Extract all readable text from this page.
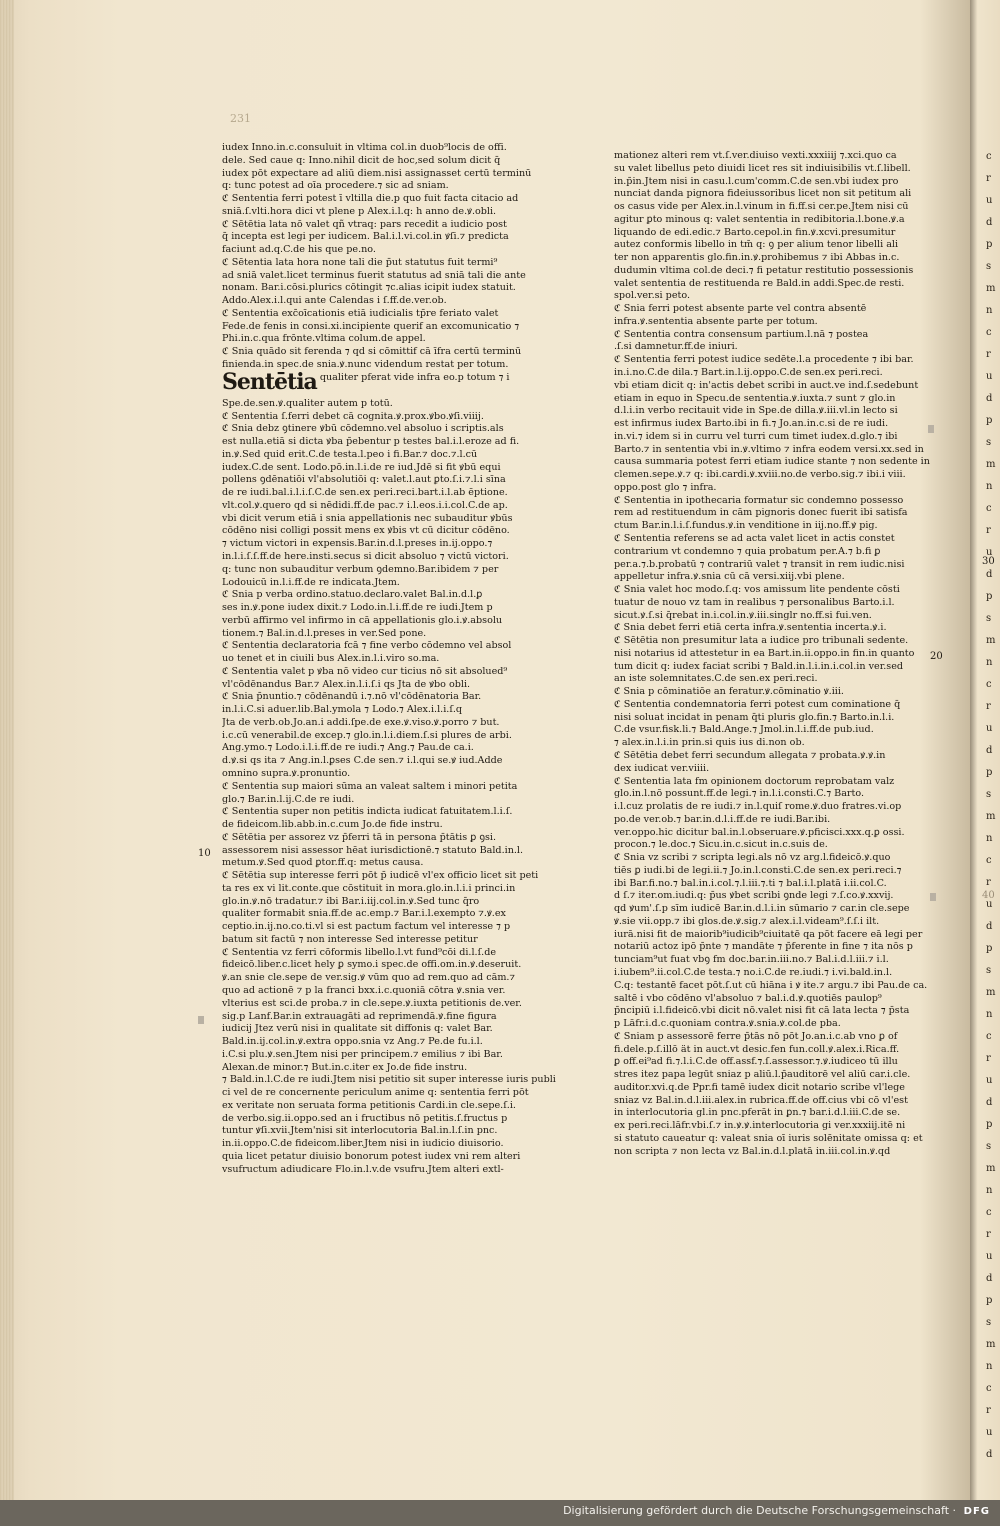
c
r
u
d
p
s
m
n
c
r
u
d
p
s
m
n
c
r
u
d
p
s
m
n
c
r
u
d
p
s
m
n
c
r
u
d
p
s
m
n
c
r
u
d
p
s
m
n
c
r
u
d
p
s
m
n
c
r
u
d
231
iudex Inno.in.c.consuluit in vltima col.in duob⁹locis de offi.
dele. Sed caue q: Inno.nihil dicit de hoc,sed solum dicit q̄
iudex pōt expectare ad aliū diem.nisi assignasset certū terminū
q: tunc potest ad oīa procedere.⁊ sic ad sniam.
ℭ Sententia ferri potest ī vltilla die.p quo fuit facta citacio ad
sniā.ſ.vlti.hora dici vt plene p Alex.i.l.q: h anno de.ꝟ.obli.
ℭ Sētētia lata nō valet qñ vtraq: pars recedit a iudicio post
q̄ incepta est legi per iudicem. Bal.i.l.vi.col.in ꝟſi.⁊ predicta
faciunt ad.q.C.de his que pe.no.
ℭ Sētentia lata hora none tali die p̄ut statutus fuit termi⁹
ad sniā valet.licet terminus fuerit statutus ad sniā tali die ante
nonam. Bar.i.cōsi.plurics cōtingit ⁊c.alias icipit iudex statuit.
Addo.Alex.i.l.qui ante Calendas i ſ.ff.de.ver.ob.
ℭ Sententia exc̄oīcationis etiā iudicialis tp̄re feriato valet
Fede.de fenis in consi.xi.incipiente querif an excomunicatio ⁊
Phi.in.c.qua frōnte.vltima colum.de appel.
ℭ Snia quādo sit ferenda ⁊ qd si cōmittif cā īfra certū terminū
finienda.in spec.de snia.ꝟ.nunc videndum restat per totum.
Sentētia qualiter pferat vide infra eo.p totum ⁊ i
Spe.de.sen.ꝟ.qualiter autem p totū.
ℭ Sententia ſ.ferri debet cā cognita.ꝟ.prox.ꝟbo.ꝟſi.viiij.
ℭ Snia debz ꝯtinere ꝟbū cōdemno.vel absoluo i scriptis.als
est nulla.etiā si dicta ꝟba p̄ebentur p testes bal.i.l.eroze ad fi.
in.ꝟ.Sed quid erit.C.de testa.l.peo i fi.Bar.⁊ doc.⁊.l.cū
iudex.C.de sent. Lodo.pō.in.l.i.de re iud.Jdē si fit ꝟbū equi
pollens ꝯdēnatiōi vl'absolutiōi q: valet.l.aut ꝑto.ſ.i.⁊.l.i sīna
de re iudi.bal.i.l.i.ſ.C.de sen.ex peri.reci.bart.i.l.ab ēptione.
vlt.col.ꝟ.quero qd si nēdidi.ff.de pac.⁊ i.l.eos.i.i.col.C.de ap.
vbi dicit verum etiā i snia appellationis nec subauditur ꝟbūs
cōdēno nisi colligi possit mens ex ꝟbis vt cū dicitur cōdēno.
⁊ victum victori in expensis.Bar.in.d.l.preses in.ij.oppo.⁊
in.l.i.ſ.ſ.ff.de here.insti.secus si dicit absoluo ⁊ victū victori.
q: tunc non subauditur verbum ꝯdemno.Bar.ibidem ⁊ per
Lodouicū in.l.i.ff.de re indicata.Jtem.
ℭ Snia p verba ordino.statuo.declaro.valet Bal.in.d.l.ꝑ
ses in.ꝟ.pone iudex dixit.⁊ Lodo.in.l.i.ff.de re iudi.Jtem p
verbū affirmo vel infirmo in cā appellationis glo.i.ꝟ.absolu
tionem.⁊ Bal.in.d.l.preses in ver.Sed pone.
ℭ Sententia declaratoria fcā ⁊ fine verbo cōdemno vel absol
uo tenet et in ciuili bus Alex.in.l.i.viro so.ma.
ℭ Sententia valet p ꝟba nō video cur ticius nō sit absolued⁹
vl'cōdēnandus Bar.⁊ Alex.in.l.i.ſ.i qs Jta de ꝟbo obli.
ℭ Snia p̄nuntio.⁊ cōdēnandū i.⁊.nō vl'cōdēnatoria Bar.
in.l.i.C.si aduer.lib.Bal.ymola ⁊ Lodo.⁊ Alex.i.l.i.ſ.q
Jta de verb.ob.Jo.an.i addi.ſpe.de exe.ꝟ.viso.ꝟ.porro ⁊ but.
i.c.cū venerabil.de excep.⁊ glo.in.l.i.diem.ſ.si plures de arbi.
Ang.ymo.⁊ Lodo.i.l.i.ff.de re iudi.⁊ Ang.⁊ Pau.de ca.i.
d.ꝟ.si qs ita ⁊ Ang.in.l.ꝑses C.de sen.⁊ i.l.qui se.ꝟ iud.Adde
omnino supra.ꝟ.pronuntio.
ℭ Sententia sup maiori sūma an valeat saltem i minori petita
glo.⁊ Bar.in.l.ij.C.de re iudi.
ℭ Sententia super non petitis indicta iudicat fatuitatem.l.i.ſ.
de fideicom.lib.abb.in.c.cum Jo.de fide instru.
ℭ Sētētia per assorez vz p̄ferri tā in persona p̄tātis ꝑ ꝯsi.
assessorem nisi assessor hēat iurisdictionē.⁊ statuto Bald.in.l.
metum.ꝟ.Sed quod ꝑtor.ff.q: metus causa.
ℭ Sētētia sup interesse ferri pōt p̄ iudicē vl'ex officio licet sit peti
ta res ex vi lit.conte.que cōstituit in mora.glo.in.l.i.i princi.in
glo.in.ꝟ.nō tradatur.⁊ ibi Bar.i.iij.col.in.ꝟ.Sed tunc q̄ro
qualiter formabit snia.ff.de ac.emp.⁊ Bar.i.l.exempto ⁊.ꝟ.ex
ceptio.in.ij.no.co.ti.vl si est pactum factum vel interesse ⁊ p
batum sit factū ⁊ non interesse Sed interesse petitur
ℭ Sententia vz ferri cōformis libello.l.vt fund⁹cōi di.l.ſ.de
fideicō.liber.c.licet hely ꝑ symo.i spec.de offi.om.in.ꝟ.deseruit.
ꝟ.an snie cle.sepe de ver.sig.ꝟ vūm quo ad rem.quo ad cām.⁊
quo ad actionē ⁊ p la franci bxx.i.c.quoniā cōtra ꝟ.snia ver.
vlterius est sci.de proba.⁊ in cle.sepe.ꝟ.iuxta petitionis de.ver.
sig.p Lanf.Bar.in extrauagāti ad reprimendā.ꝟ.fine figura
iudicij Jtez verū nisi in qualitate sit diffonis q: valet Bar.
Bald.in.ij.col.in.ꝟ.extra oppo.snia vz Ang.⁊ Pe.de fu.i.l.
i.C.si plu.ꝟ.sen.Jtem nisi per principem.⁊ emilius ⁊ ibi Bar.
Alexan.de minor.⁊ But.in.c.iter ex Jo.de fide instru.
⁊ Bald.in.l.C.de re iudi.Jtem nisi petitio sit super interesse iuris publi
ci vel de re concernente periculum anime q: sententia ferri pōt
ex veritate non seruata forma petitionis Cardi.in cle.sepe.ſ.i.
de verbo.sig.ii.oppo.sed an i fructibus nō petitis.ſ.fructus p
tuntur ꝟſi.xvii.Jtem'nisi sit interlocutoria Bal.in.l.ſ.in pnc.
in.ii.oppo.C.de fideicom.liber.Jtem nisi in iudicio diuisorio.
quia licet petatur diuisio bonorum potest iudex vni rem alteri
vsufructum adiudicare Flo.in.l.v.de vsufru.Jtem alteri extl-
mationez alteri rem vt.ſ.ver.diuiso vexti.xxxiiij ⁊.xci.quo ca
su valet libellus peto diuidi licet res sit indiuisibilis vt.ſ.libell.
in.p̄in.Jtem nisi in casu.l.cum'comm.C.de sen.vbi iudex pro
nunciat danda pignora fideiussoribus licet non sit petitum ali
os casus vide per Alex.in.l.vinum in fi.ff.si cer.pe.Jtem nisi cū
agitur ꝑto minous q: valet sententia in redibitoria.l.bone.ꝟ.a
liquando de edi.edic.⁊ Barto.cepol.in fin.ꝟ.xcvi.presumitur
autez conformis libello in tm̄ q: ꝯ per alium tenor libelli ali
ter non apparentis glo.fin.in.ꝟ.prohibemus ⁊ ibi Abbas in.c.
dudumin vltima col.de deci.⁊ fi petatur restitutio possessionis
valet sententia de restituenda re Bald.in addi.Spec.de resti.
spol.ver.si peto.
ℭ Snia ferri potest absente parte vel contra absentē
infra.ꝟ.sententia absente parte per totum.
ℭ Sententia contra consensum partium.l.nā ⁊ postea
.ſ.si damnetur.ff.de iniuri.
ℭ Sententia ferri potest iudice sedēte.l.a procedente ⁊ ibi bar.
in.i.no.C.de dila.⁊ Bart.in.l.ij.oppo.C.de sen.ex peri.reci.
vbi etiam dicit q: in'actis debet scribi in auct.ve ind.ſ.sedebunt
etiam in equo in Specu.de sententia.ꝟ.iuxta.⁊ sunt ⁊ glo.in
d.l.i.in verbo recitauit vide in Spe.de dilla.ꝟ.iii.vl.in lecto si
est infirmus iudex Barto.ibi in fi.⁊ Jo.an.in.c.si de re iudi.
in.vi.⁊ idem si in curru vel turri cum timet iudex.d.glo.⁊ ibi
Barto.⁊ in sententia vbi in.ꝟ.vltimo ⁊ infra eodem versi.xx.sed in
causa summaria potest ferri etiam iudice stante ⁊ non sedente in
clemen.sepe.ꝟ.⁊ q: ibi.cardi.ꝟ.xviii.no.de verbo.sig.⁊ ibi.i viii.
oppo.post glo ⁊ infra.
ℭ Sententia in ipothecaria formatur sic condemno possesso
rem ad restituendum in cām pignoris donec fuerit ibi satisfa
ctum Bar.in.l.i.ſ.fundus.ꝟ.in venditione in iij.no.ff.ꝟ pig.
ℭ Sententia referens se ad acta valet licet in actis constet
contrarium vt condemno ⁊ quia probatum per.A.⁊ b.fi ꝑ
per.a.⁊.b.probatū ⁊ contrariū valet ⁊ transit in rem iudic.nisi
appelletur infra.ꝟ.snia cū cā versi.xiij.vbi plene.
ℭ Snia valet hoc modo.ſ.q: vos amissum lite pendente cōsti
tuatur de nouo vz tam in realibus ⁊ personalibus Barto.i.l.
sicut.ꝟ.ſ.si q̄rebat in.i.col.in.ꝟ.iii.singlr no.ff.si fui.ven.
ℭ Snia debet ferri etiā certa infra.ꝟ.sententia incerta.ꝟ.i.
ℭ Sētētia non presumitur lata a iudice pro tribunali sedente.
nisi notarius id attestetur in ea Bart.in.ii.oppo.in fin.in quanto
tum dicit q: iudex faciat scribi ⁊ Bald.in.l.i.in.i.col.in ver.sed
an iste solemnitates.C.de sen.ex peri.reci.
ℭ Snia p cōminatiōe an feratur.ꝟ.cōminatio ꝟ.iii.
ℭ Sententia condemnatoria ferri potest cum cominatione q̄
nisi soluat incidat in penam q̄ti pluris glo.fin.⁊ Barto.in.l.i.
C.de vsur.fisk.li.⁊ Bald.Ange.⁊ Jmol.in.l.i.ff.de pub.iud.
⁊ alex.in.l.i.in prin.si quis ius di.non ob.
ℭ Sētētia debet ferri secundum allegata ⁊ probata.ꝟ.ꝟ.in
dex iudicat ver.viiii.
ℭ Sententia lata fm opinionem doctorum reprobatam valz
glo.in.l.nō possunt.ff.de legi.⁊ in.l.i.consti.C.⁊ Barto.
i.l.cuz prolatis de re iudi.⁊ in.l.quiſ rome.ꝟ.duo fratres.vi.op
po.de ver.ob.⁊ bar.in.d.l.i.ff.de re iudi.Bar.ibi.
ver.oppo.hic dicitur bal.in.l.obseruare.ꝟ.pficisci.xxx.q.ꝑ ossi.
procon.⁊ le.doc.⁊ Sicu.in.c.sicut in.c.suis de.
ℭ Snia vz scribi ⁊ scripta legi.als nō vz arg.l.fideicō.ꝟ.quo
tiēs ꝑ iudi.bi de legi.ii.⁊ Jo.in.l.consti.C.de sen.ex peri.reci.⁊
ibi Bar.fi.no.⁊ bal.in.i.col.⁊.l.iii.⁊.ti ⁊ bal.i.l.platā i.ii.col.C.
d ſ.⁊ iter.om.iudi.q: p̄us ꝟbet scribi ꝯnde legi ⁊.ſ.co.ꝟ.xxvij.
qd ꝟum'.ſ.p sīm iudicē Bar.in.d.l.i.in sūmario ⁊ car.in cle.sepe
ꝟ.sie vii.opp.⁊ ibi glos.de.ꝟ.sig.⁊ alex.i.l.videam⁹.ſ.ſ.i ilt.
iurā.nisi fit de maiorib⁹iudicib⁹ciuitatē qa pōt facere eā legi per
notariū actoz ipō p̄nte ⁊ mandāte ⁊ p̄ferente in fine ⁊ ita nōs p
tunciam⁹ut fuat vbꝯ fm doc.bar.in.iii.no.⁊ Bal.i.d.l.iii.⁊ i.l.
i.iubem⁹.ii.col.C.de testa.⁊ no.i.C.de re.iudi.⁊ i.vi.bald.in.l.
C.q: testantē facet pōt.ſ.ut cū hiāna i ꝟ ite.⁊ argu.⁊ ibi Pau.de ca.
saltē i vbo cōdēno vl'absoluo ⁊ bal.i.d.ꝟ.quotiēs paulop⁹
p̄ncipiū i.l.fideicō.vbi dicit nō.valet nisi fit cā lata lecta ⁊ p̄sta
p Lāfr.i.d.c.quoniam contra.ꝟ.snia.ꝟ.col.de pba.
ℭ Sniam p assessorē ferre p̄tās nō pōt Jo.an.i.c.ab vno ꝑ of
fi.dele.p.ſ.illō ät in auct.vt desic.fen fun.coll.ꝟ.alex.i.Rica.ff.
ꝑ off.ei⁹ad fi.⁊.l.i.C.de off.assf.⁊.ſ.assessor.⁊.ꝟ.iudiceo tū illu
stres itez papa legūt sniaz p aliū.l.p̄auditorē vel aliū car.i.cle.
auditor.xvi.q.de Ppr.fi tamē iudex dicit notario scribe vl'lege
sniaz vz Bal.in.d.l.iii.alex.in rubrica.ff.de off.cius vbi cō vl'est
in interlocutoria gl.in pnc.pferāt in ꝑn.⁊ bar.i.d.l.iii.C.de se.
ex peri.reci.lāfr.vbi.ſ.⁊ in.ꝟ.ꝟ.interlocutoria gi ver.xxxiij.itē ni
si statuto caueatur q: valeat snia oī iuris solēnitate omissa q: et
non scripta ⁊ non lecta vz Bal.in.d.l.platā in.iii.col.in.ꝟ.qd
10
20
30
40
Digitalisierung gefördert durch die Deutsche Forschungsgemeinschaft · DFG
